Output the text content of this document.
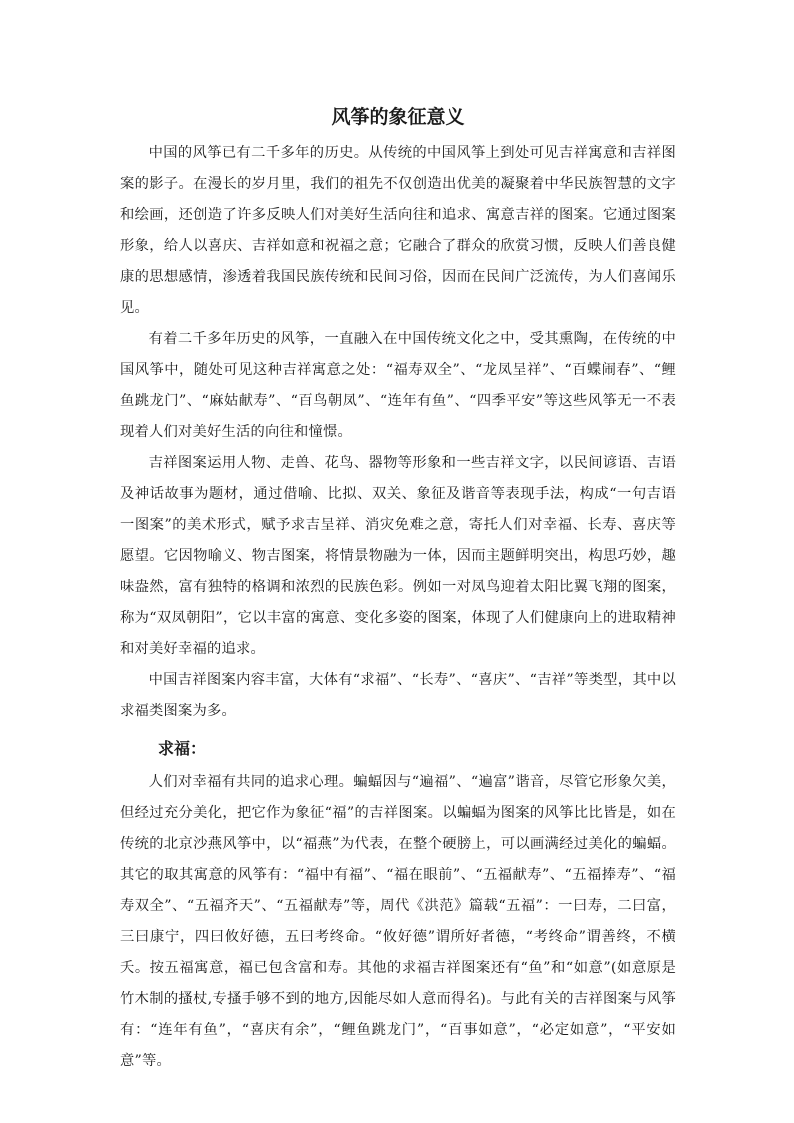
风筝的象征意义

中国的风筝已有二千多年的历史。从传统的中国风筝上到处可见吉祥寓意和吉祥图案的影子。在漫长的岁月里，我们的祖先不仅创造出优美的凝聚着中华民族智慧的文字和绘画，还创造了许多反映人们对美好生活向往和追求、寓意吉祥的图案。它通过图案形象，给人以喜庆、吉祥如意和祝福之意；它融合了群众的欣赏习惯，反映人们善良健康的思想感情，渗透着我国民族传统和民间习俗，因而在民间广泛流传，为人们喜闻乐见。

有着二千多年历史的风筝，一直融入在中国传统文化之中，受其熏陶，在传统的中国风筝中，随处可见这种吉祥寓意之处：“福寿双全”、“龙凤呈祥”、“百蝶闹春”、“鲤鱼跳龙门”、“麻姑献寿”、“百鸟朝凤”、“连年有鱼”、“四季平安”等这些风筝无一不表现着人们对美好生活的向往和憧憬。

吉祥图案运用人物、走兽、花鸟、器物等形象和一些吉祥文字，以民间谚语、吉语及神话故事为题材，通过借喻、比拟、双关、象征及谐音等表现手法，构成“一句吉语一图案”的美术形式，赋予求吉呈祥、消灾免难之意，寄托人们对幸福、长寿、喜庆等愿望。它因物喻义、物吉图案，将情景物融为一体，因而主题鲜明突出，构思巧妙，趣味盎然，富有独特的格调和浓烈的民族色彩。例如一对凤鸟迎着太阳比翼飞翔的图案，称为“双凤朝阳”，它以丰富的寓意、变化多姿的图案，体现了人们健康向上的进取精神和对美好幸福的追求。

中国吉祥图案内容丰富，大体有“求福”、“长寿”、“喜庆”、“吉祥”等类型，其中以求福类图案为多。

求福：

人们对幸福有共同的追求心理。蝙蝠因与“遍福”、“遍富”谐音，尽管它形象欠美，但经过充分美化，把它作为象征“福”的吉祥图案。以蝙蝠为图案的风筝比比皆是，如在传统的北京沙燕风筝中，以“福燕”为代表，在整个硬膀上，可以画满经过美化的蝙蝠。其它的取其寓意的风筝有：“福中有福”、“福在眼前”、“五福献寿”、“五福捧寿”、“福寿双全”、“五福齐天”、“五福献寿”等，周代《洪范》篇载“五福”：一曰寿，二曰富，三曰康宁，四曰攸好德，五曰考终命。“攸好德”谓所好者德，“考终命”谓善终，不横夭。按五福寓意，福已包含富和寿。其他的求福吉祥图案还有“鱼”和“如意”(如意原是竹木制的搔杖,专搔手够不到的地方,因能尽如人意而得名)。与此有关的吉祥图案与风筝有：“连年有鱼”，“喜庆有余”，“鲤鱼跳龙门”，“百事如意”，“必定如意”，“平安如意”等。
